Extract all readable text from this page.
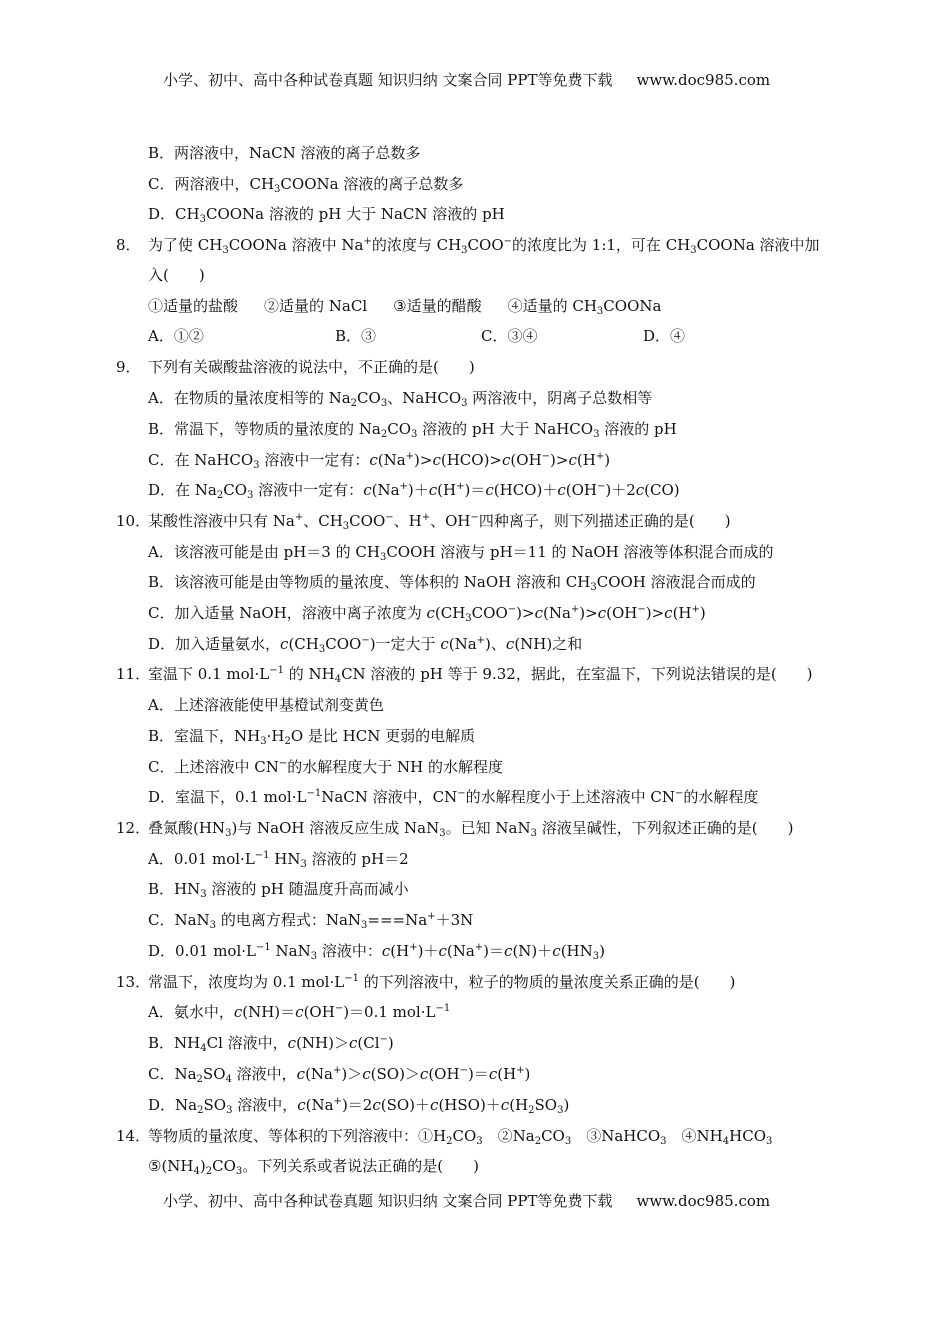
小学、初中、高中各种试卷真题 知识归纳 文案合同 PPT等免费下载 www.doc985.com
B．两溶液中，NaCN 溶液的离子总数多
C．两溶液中，$CH_3COONa$ 溶液的离子总数多
D．$CH_3COONa$ 溶液的 pH 大于 NaCN 溶液的 pH
8． 为了使 $CH_3COONa$ 溶液中 Na+的浓度与 $CH_3COO^-$的浓度比为 1:1，可在 $CH_3COONa$ 溶液中加
入(　　)
①适量的盐酸 ②适量的 NaCl ③适量的醋酸 ④适量的 $CH_3COONa$
A．①②	B．③	C．③④	D．④
9． 下列有关碳酸盐溶液的说法中，不正确的是(　　)
A．在物质的量浓度相等的 $Na_2CO_3$、NaHCO$_3$ 两溶液中，阴离子总数相等
B．常温下，等物质的量浓度的 $Na_2CO_3$ 溶液的 pH 大于 NaHCO$_3$ 溶液的 pH
C．在 NaHCO$_3$ 溶液中一定有：c(Na+)>c(HCO)>c(OH−)>c(H+)
D．在 $Na_2CO_3$ 溶液中一定有：c(Na+)＋c(H+)＝c(HCO)＋c(OH−)＋2c(CO)
10．
某酸性溶液中只有 Na+、$CH_3COO^-$、H+、OH−四种离子，则下列描述正确的是(　　)
A．该溶液可能是由 pH＝3 的 $CH_3COOH$ 溶液与 pH＝11 的 NaOH 溶液等体积混合而成的
B．该溶液可能是由等物质的量浓度、等体积的 NaOH 溶液和 $CH_3COOH$ 溶液混合而成的
C．加入适量 NaOH，溶液中离子浓度为 $c(CH_3COO^-)>c(Na^+)>c(OH^-)>c(H^+)$
D．加入适量氨水，$c(CH_3COO^-)$一定大于 c(Na+)、c(NH)之和
11．
室温下 0.1 $mol\cdot L^{-1}$ 的 $NH_4CN$ 溶液的 pH 等于 9.32，据此，在室温下，下列说法错误的是(　　)
A．上述溶液能使甲基橙试剂变黄色
B．室温下，$NH_3\cdot H_2O$ 是比 HCN 更弱的电解质
C．上述溶液中 CN−的水解程度大于 NH 的水解程度
D．室温下，0.1 $mol\cdot L^{-1}NaCN$ 溶液中，CN−的水解程度小于上述溶液中 CN−的水解程度
12．
叠氮酸$(HN_3)$与 NaOH 溶液反应生成 NaN$_3$。已知 NaN$_3$ 溶液呈碱性，下列叙述正确的是(　　)
A．0.01 $mol\cdot L^{-1}$ $HN_3$ 溶液的 pH＝2
B．$HN_3$ 溶液的 pH 随温度升高而减小
C．NaN$_3$ 的电离方程式：NaN$_3$===Na+＋3N
D．0.01 $mol\cdot L^{-1}$ NaN$_3$ 溶液中：$c(H^+)+c(Na^+)=c(N)+c(HN_3)$
13．
常温下，浓度均为 0.1 $mol\cdot L^{-1}$ 的下列溶液中，粒子的物质的量浓度关系正确的是(　　)
A．氨水中，c(NH)＝c(OH−)＝0.1 $mol\cdot L^{-1}$
B．$NH_4Cl$ 溶液中，c(NH)＞c(Cl−)
C．$Na_2SO_4$ 溶液中，c(Na+)＞c(SO)＞c(OH−)＝c(H+)
D．$Na_2SO_3$ 溶液中，$c(Na^+)=2c(SO)+c(HSO)+c(H_2SO_3)$
14．
等物质的量浓度、等体积的下列溶液中：$①H_2CO_3$　$②Na_2CO_3$　③NaHCO$_3$　$④NH_4HCO_3$
$⑤(NH_4)_2CO_3$。下列关系或者说法正确的是(　　)
小学、初中、高中各种试卷真题 知识归纳 文案合同 PPT等免费下载 www.doc985.com
